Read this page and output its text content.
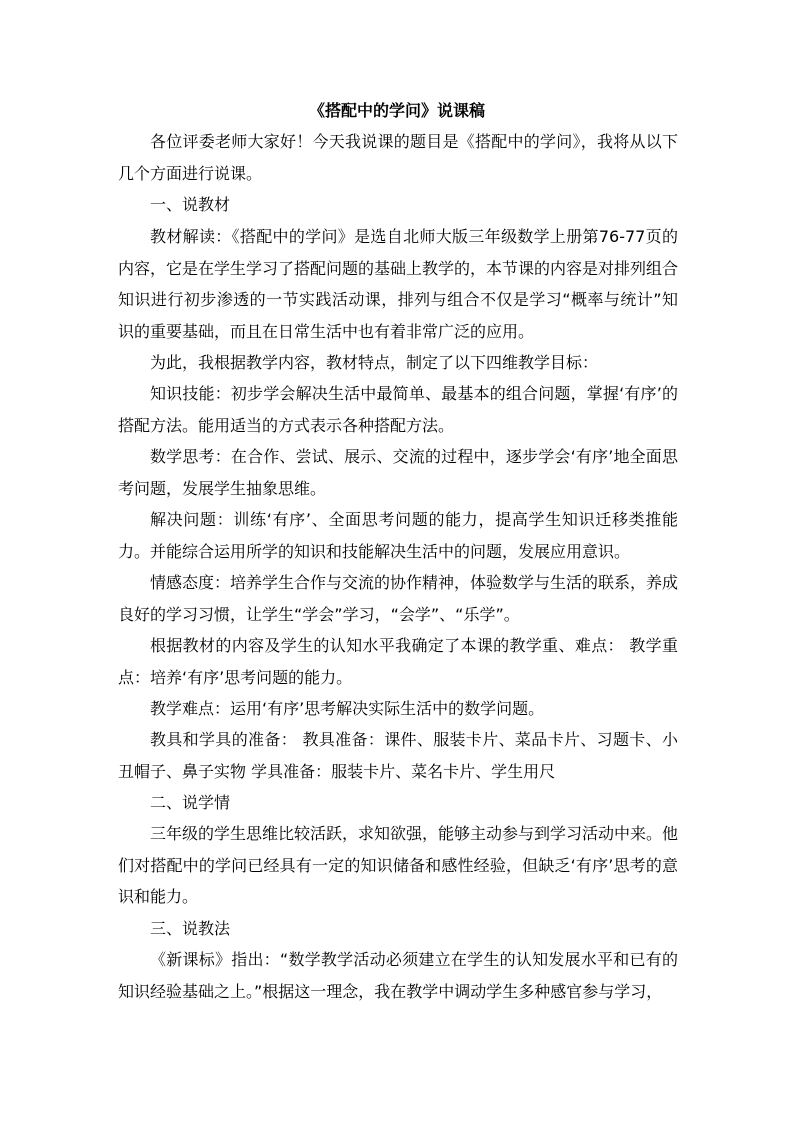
《搭配中的学问》说课稿

各位评委老师大家好！今天我说课的题目是《搭配中的学问》，我将从以下几个方面进行说课。

一、说教材

教材解读：《搭配中的学问》是选自北师大版三年级数学上册第76-77页的内容，它是在学生学习了搭配问题的基础上教学的，本节课的内容是对排列组合知识进行初步渗透的一节实践活动课，排列与组合不仅是学习“概率与统计”知识的重要基础，而且在日常生活中也有着非常广泛的应用。

为此，我根据教学内容，教材特点，制定了以下四维教学目标：

知识技能：初步学会解决生活中最简单、最基本的组合问题，掌握‘有序’的搭配方法。能用适当的方式表示各种搭配方法。

数学思考：在合作、尝试、展示、交流的过程中，逐步学会‘有序’地全面思考问题，发展学生抽象思维。

解决问题：训练‘有序’、全面思考问题的能力，提高学生知识迁移类推能力。并能综合运用所学的知识和技能解决生活中的问题，发展应用意识。

情感态度：培养学生合作与交流的协作精神，体验数学与生活的联系，养成良好的学习习惯，让学生“学会”学习，“会学”、“乐学”。

根据教材的内容及学生的认知水平我确定了本课的教学重、难点： 教学重点：培养‘有序’思考问题的能力。

教学难点：运用‘有序’思考解决实际生活中的数学问题。

教具和学具的准备： 教具准备：课件、服装卡片、菜品卡片、习题卡、小丑帽子、鼻子实物 学具准备：服装卡片、菜名卡片、学生用尺

二、说学情

三年级的学生思维比较活跃，求知欲强，能够主动参与到学习活动中来。他们对搭配中的学问已经具有一定的知识储备和感性经验，但缺乏‘有序’思考的意识和能力。

三、说教法

《新课标》指出：“数学教学活动必须建立在学生的认知发展水平和已有的知识经验基础之上。”根据这一理念，我在教学中调动学生多种感官参与学习，
